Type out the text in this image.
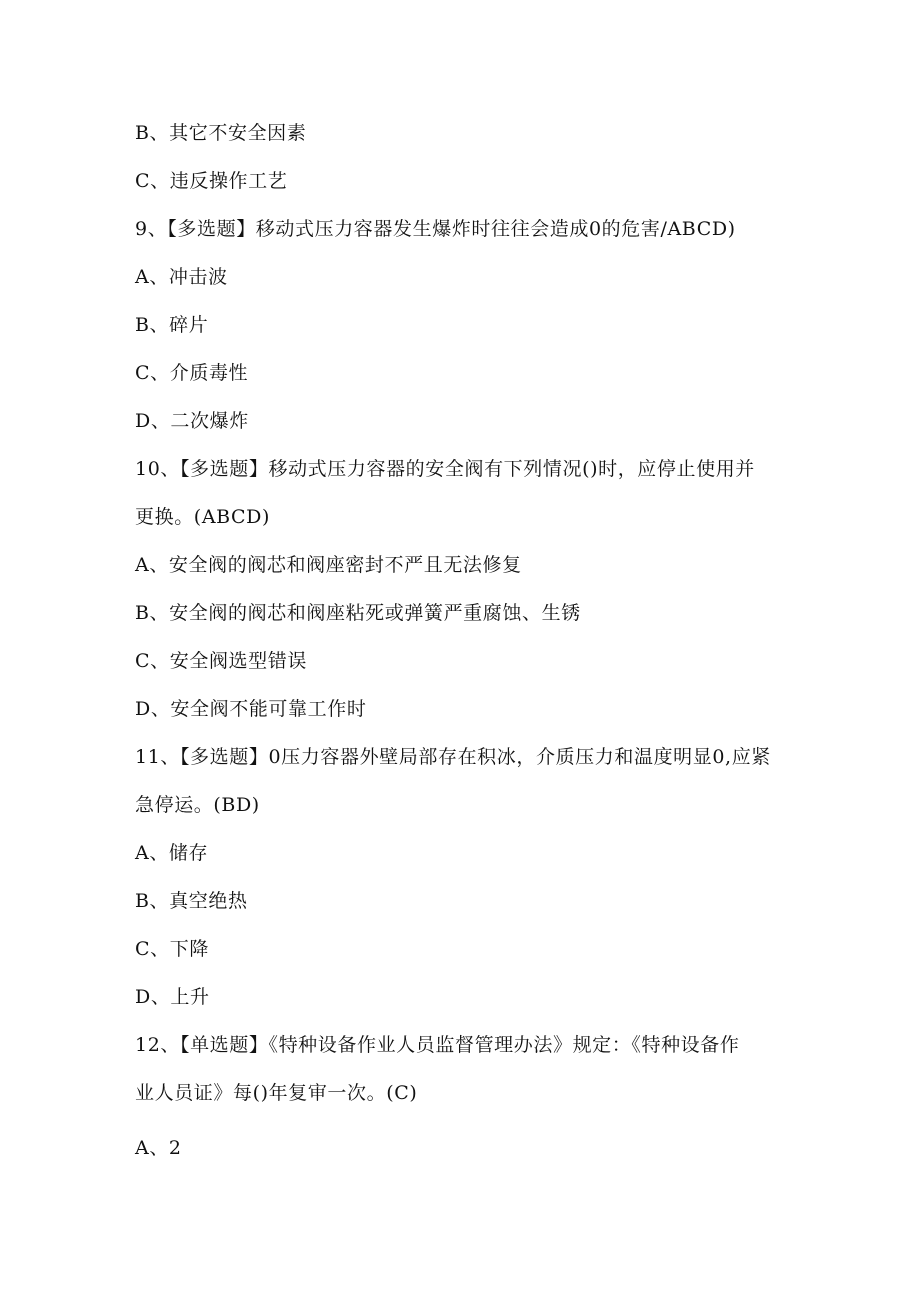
B、其它不安全因素
C、违反操作工艺
9、【多选题】移动式压力容器发生爆炸时往往会造成0的危害/ABCD)
A、冲击波
B、碎片
C、介质毒性
D、二次爆炸
10、【多选题】移动式压力容器的安全阀有下列情况()时，应停止使用并
更换。(ABCD)
A、安全阀的阀芯和阀座密封不严且无法修复
B、安全阀的阀芯和阀座粘死或弹簧严重腐蚀、生锈
C、安全阀选型错误
D、安全阀不能可靠工作时
11、【多选题】0压力容器外壁局部存在积冰，介质压力和温度明显0,应紧
急停运。(BD)
A、储存
B、真空绝热
C、下降
D、上升
12、【单选题】《特种设备作业人员监督管理办法》规定：《特种设备作
业人员证》每()年复审一次。(C)
A、2
